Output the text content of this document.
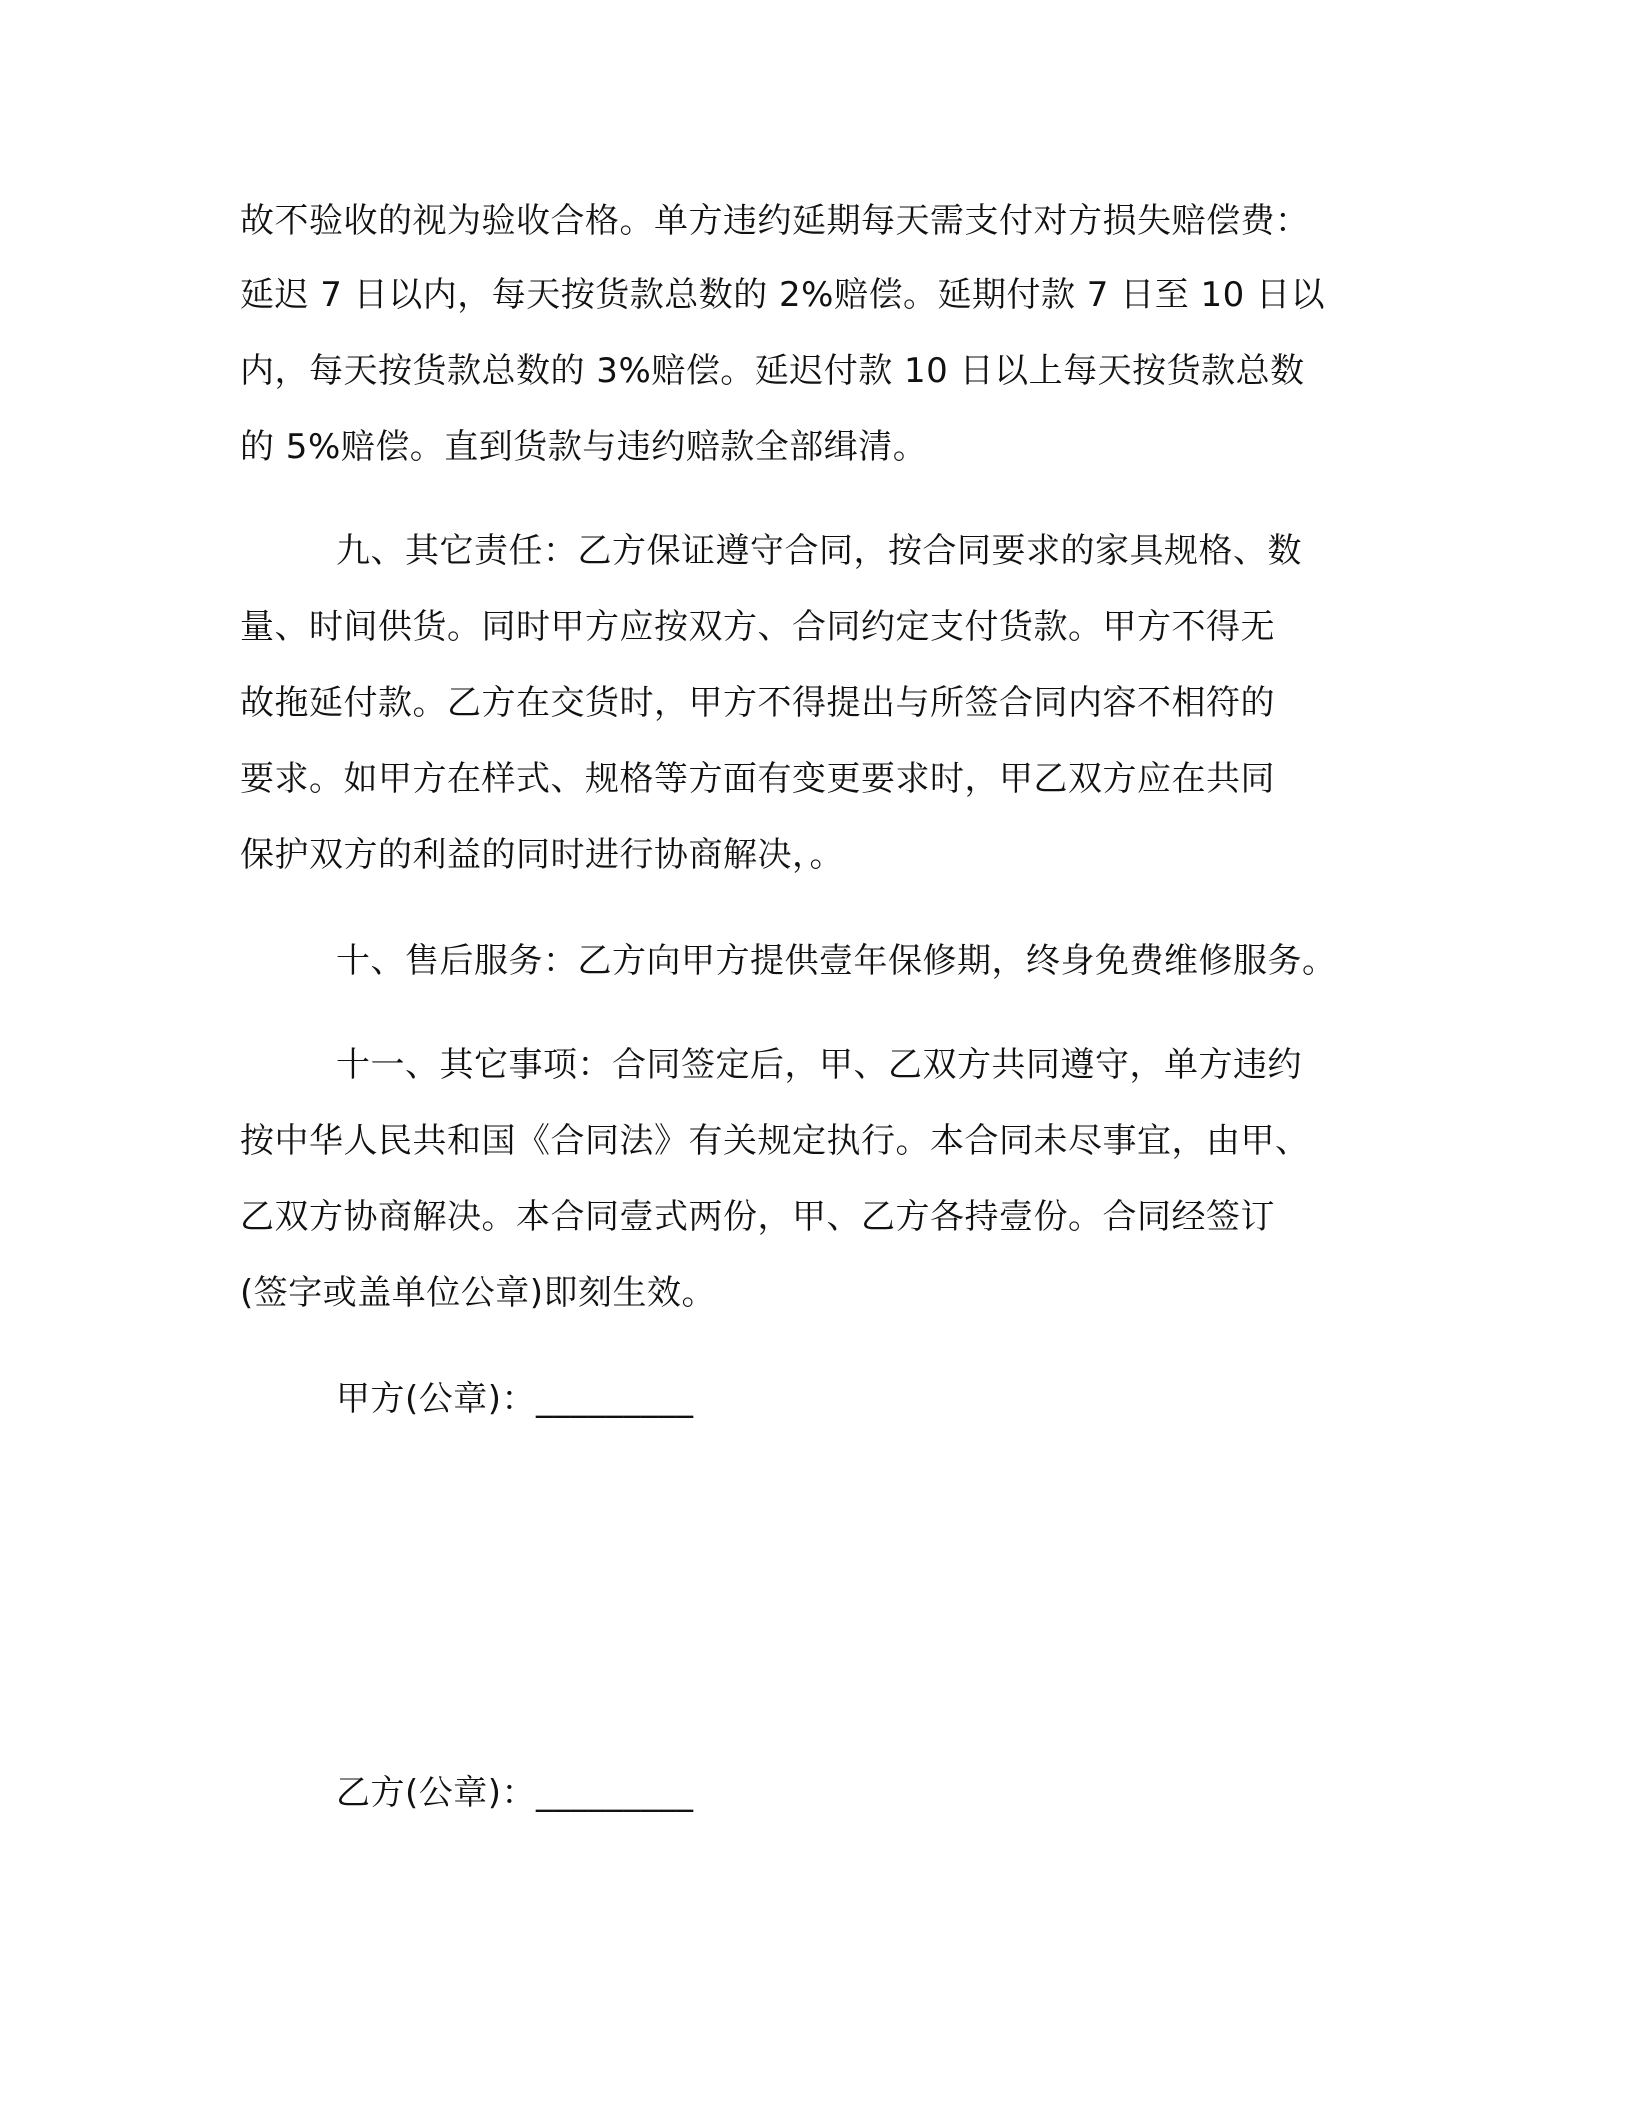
故不验收的视为验收合格。单方违约延期每天需支付对方损失赔偿费：
延迟 7 日以内，每天按货款总数的 2%赔偿。延期付款 7 日至 10 日以
内，每天按货款总数的 3%赔偿。延迟付款 10 日以上每天按货款总数
的 5%赔偿。直到货款与违约赔款全部缉清。
九、其它责任：乙方保证遵守合同，按合同要求的家具规格、数
量、时间供货。同时甲方应按双方、合同约定支付货款。甲方不得无
故拖延付款。乙方在交货时，甲方不得提出与所签合同内容不相符的
要求。如甲方在样式、规格等方面有变更要求时，甲乙双方应在共同
保护双方的利益的同时进行协商解决，。
十、售后服务：乙方向甲方提供壹年保修期，终身免费维修服务。
十一、其它事项：合同签定后，甲、乙双方共同遵守，单方违约
按中华人民共和国《合同法》有关规定执行。本合同未尽事宜，由甲、
乙双方协商解决。本合同壹式两份，甲、乙方各持壹份。合同经签订
(签字或盖单位公章)即刻生效。
甲方(公章)：_________
乙方(公章)：_________
